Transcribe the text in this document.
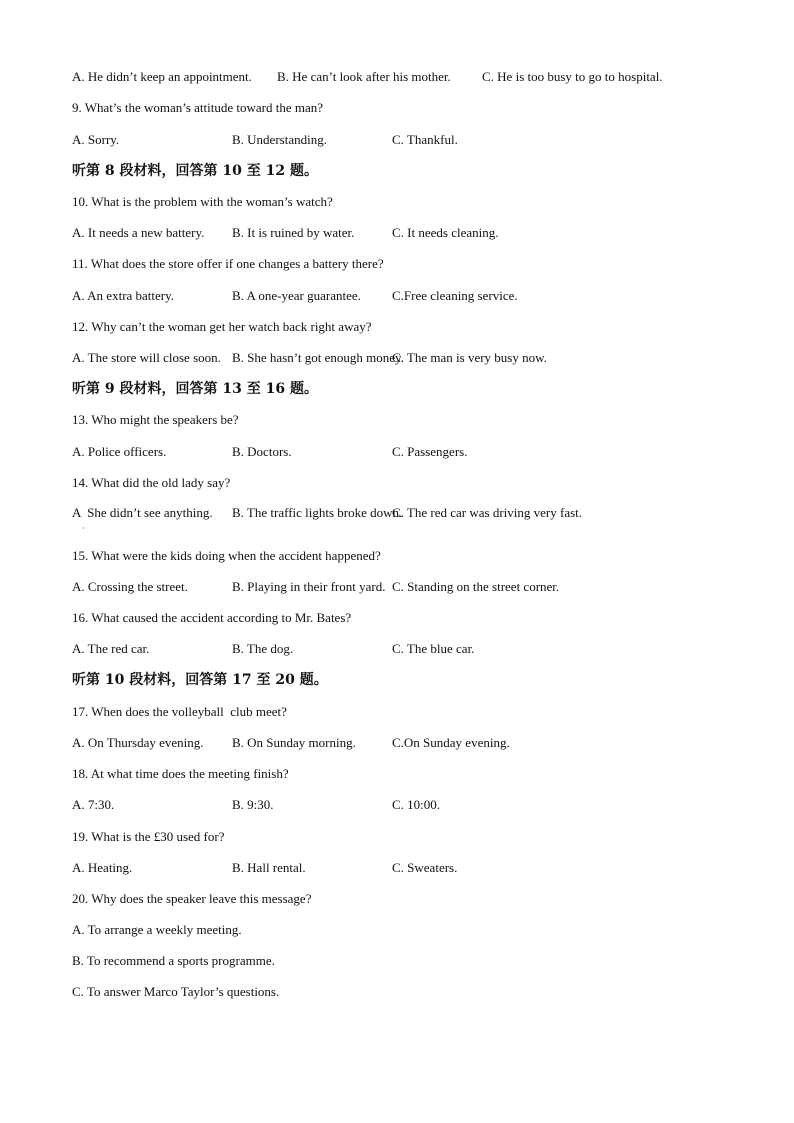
A. He didn’t keep an appointment. B. He can’t look after his mother. C. He is too busy to go to hospital.
9. What’s the woman’s attitude toward the man?
A. Sorry.	B. Understanding.	C. Thankful.
听第 8 段材料，回答第 10 至 12 题。
10. What is the problem with the woman’s watch?
A. It needs a new battery. B. It is ruined by water.	C. It needs cleaning.
11. What does the store offer if one changes a battery there?
A. An extra battery.	B. A one-year guarantee. C.Free cleaning service.
12. Why can’t the woman get her watch back right away?
A. The store will close soon. B. She hasn’t got enough money.
C. The man is very busy now.
听第 9 段材料，回答第 13 至 16 题。
13. Who might the speakers be?
A. Police officers.	B. Doctors.	C. Passengers.
14. What did the old lady say?
A  She didn’t see anything. B. The traffic lights broke down.
C. The red car was driving very fast.
15. What were the kids doing when the accident happened?
A. Crossing the street.	B. Playing in their front yard. C. Standing on the street corner.
16. What caused the accident according to Mr. Bates?
A. The red car.	B. The dog.	C. The blue car.
听第 10 段材料，回答第 17 至 20 题。
17. When does the volleyball  club meet?
A. On Thursday evening. B. On Sunday morning.	C.On Sunday evening.
18. At what time does the meeting finish?
A. 7:30.	B. 9:30.	C. 10:00.
19. What is the £30 used for?
A. Heating.	B. Hall rental.	C. Sweaters.
20. Why does the speaker leave this message?
A. To arrange a weekly meeting.
B. To recommend a sports programme.
C. To answer Marco Taylor’s questions.
·
